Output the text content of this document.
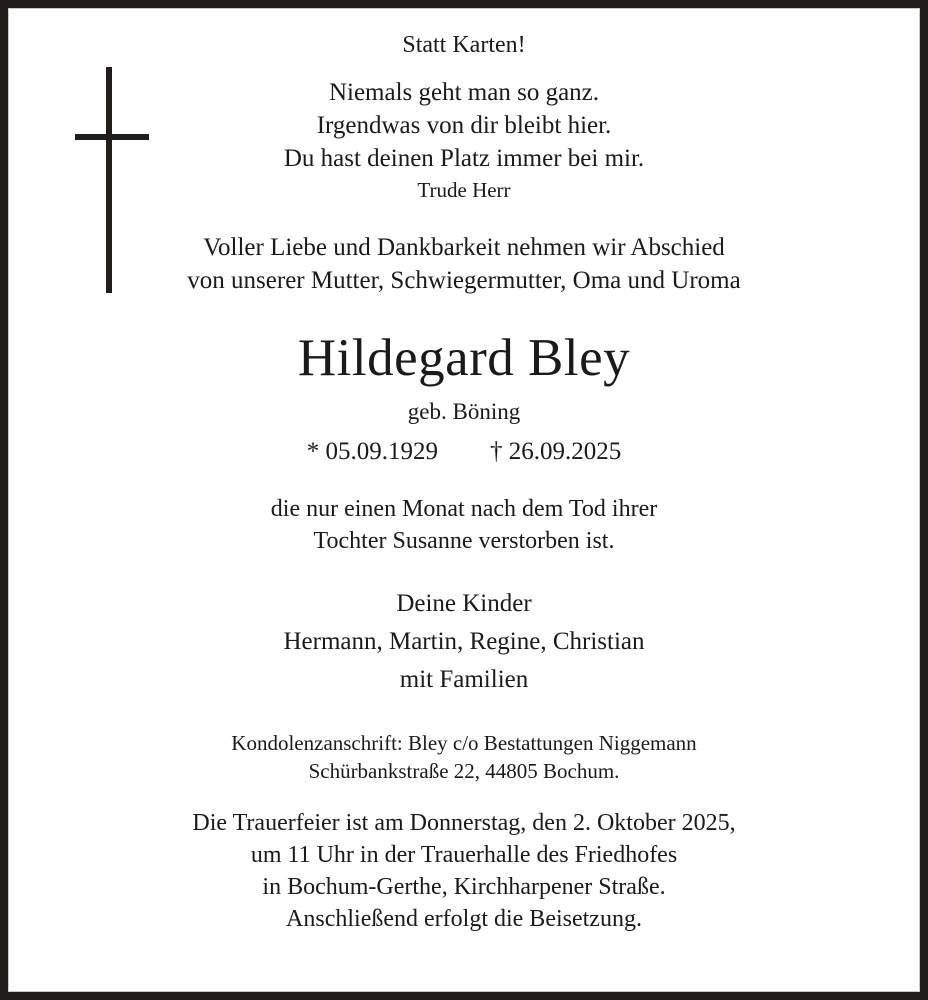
Statt Karten!
Niemals geht man so ganz.
Irgendwas von dir bleibt hier.
Du hast deinen Platz immer bei mir.
Trude Herr
Voller Liebe und Dankbarkeit nehmen wir Abschied
von unserer Mutter, Schwiegermutter, Oma und Uroma
Hildegard Bley
geb. Böning
* 05.09.1929 † 26.09.2025
die nur einen Monat nach dem Tod ihrer
Tochter Susanne verstorben ist.
Deine Kinder
Hermann, Martin, Regine, Christian
mit Familien
Kondolenzanschrift: Bley c/o Bestattungen Niggemann
Schürbankstraße 22, 44805 Bochum.
Die Trauerfeier ist am Donnerstag, den 2. Oktober 2025,
um 11 Uhr in der Trauerhalle des Friedhofes
in Bochum-Gerthe, Kirchharpener Straße.
Anschließend erfolgt die Beisetzung.
